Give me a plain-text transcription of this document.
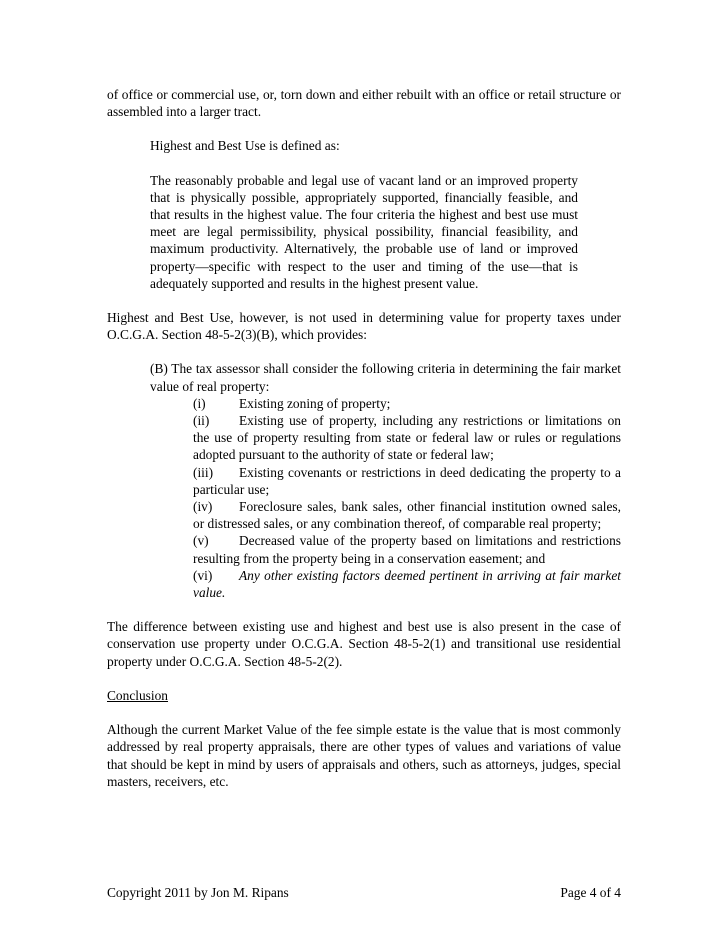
of office or commercial use, or, torn down and either rebuilt with an office or retail structure or assembled into a larger tract.

Highest and Best Use is defined as:

The reasonably probable and legal use of vacant land or an improved property that is physically possible, appropriately supported, financially feasible, and that results in the highest value. The four criteria the highest and best use must meet are legal permissibility, physical possibility, financial feasibility, and maximum productivity. Alternatively, the probable use of land or improved property—specific with respect to the user and timing of the use—that is adequately supported and results in the highest present value.

Highest and Best Use, however, is not used in determining value for property taxes under O.C.G.A. Section 48-5-2(3)(B), which provides:

(B) The tax assessor shall consider the following criteria in determining the fair market value of real property:

(i) Existing zoning of property;

(ii) Existing use of property, including any restrictions or limitations on the use of property resulting from state or federal law or rules or regulations adopted pursuant to the authority of state or federal law;

(iii) Existing covenants or restrictions in deed dedicating the property to a particular use;

(iv) Foreclosure sales, bank sales, other financial institution owned sales, or distressed sales, or any combination thereof, of comparable real property;

(v) Decreased value of the property based on limitations and restrictions resulting from the property being in a conservation easement; and

(vi) Any other existing factors deemed pertinent in arriving at fair market value.

The difference between existing use and highest and best use is also present in the case of conservation use property under O.C.G.A. Section 48-5-2(1) and transitional use residential property under O.C.G.A. Section 48-5-2(2).

Conclusion

Although the current Market Value of the fee simple estate is the value that is most commonly addressed by real property appraisals, there are other types of values and variations of value that should be kept in mind by users of appraisals and others, such as attorneys, judges, special masters, receivers, etc.

Copyright 2011 by Jon M. Ripans	Page 4 of 4
